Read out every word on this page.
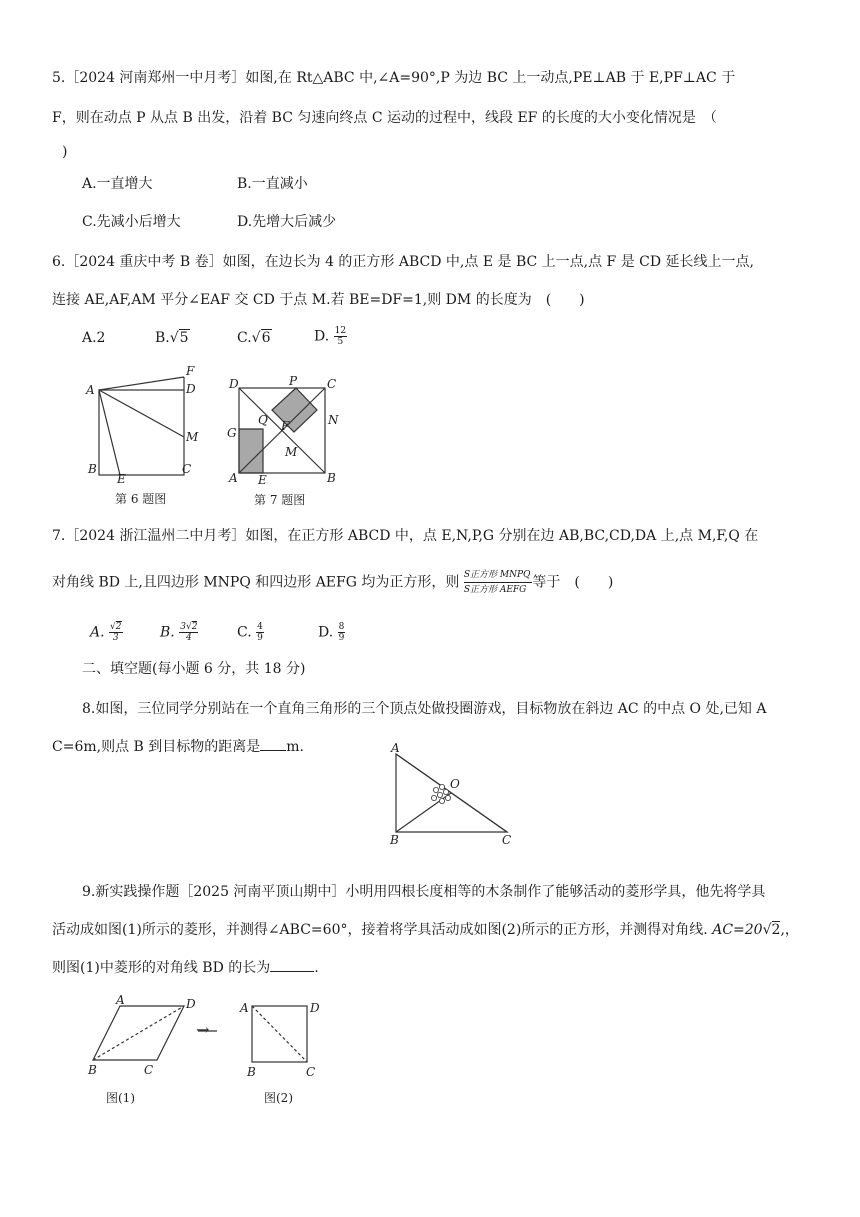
5.［2024 河南郑州一中月考］如图,在 Rt△ABC 中,∠A=90°,P 为边 BC 上一动点,PE⊥AB 于 E,PF⊥AC 于
F，则在动点 P 从点 B 出发，沿着 BC 匀速向终点 C 运动的过程中，线段 EF 的长度的大小变化情况是　（
)
A.一直增大	B.一直减小
C.先减小后增大	D.先增大后减少
6.［2024 重庆中考 B 卷］如图，在边长为 4 的正方形 ABCD 中,点 E 是 BC 上一点,点 F 是 CD 延长线上一点,
连接 AE,AF,AM 平分∠EAF 交 CD 于点 M.若 BE=DF=1,则 DM 的长度为　(　　)
A.2	B.√5	C.√6	D. $\frac{12}{5}$
A
F
D
M
B
E
C
第 6 题图
D	P C
Q	N
G	F
M
A E	B
第 7 题图
7.［2024 浙江温州二中月考］如图，在正方形 ABCD 中，点 E,N,P,G 分别在边 AB,BC,CD,DA 上,点 M,F,Q 在
对角线 BD 上,且四边形 MNPQ 和四边形 AEFG 均为正方形，则 $\frac{\text{S正方形 MNPQ}}{\text{S正方形 AEFG}}$ 等于　(　　)
A. $\frac{√2}{3}$	B. $\frac{3√2}{4}$	C. $\frac{4}{9}$	D. $\frac{8}{9}$
二、填空题(每小题 6 分，共 18 分)
8.如图，三位同学分别站在一个直角三角形的三个顶点处做投圈游戏，目标物放在斜边 AC 的中点 O 处,已知 A
C=6m,则点 B 到目标物的距离是 m.	A
O
B	C
9.新实践操作题［2025 河南平顶山期中］小明用四根长度相等的木条制作了能够活动的菱形学具，他先将学具
活动成如图(1)所示的菱形，并测得∠ABC=60°，接着将学具活动成如图(2)所示的正方形，并测得对角线. AC=20√2,，
则图(1)中菱形的对角线 BD 的长为	.
→
A	D
B	C
A	D
B	C
图(1)	图(2)
